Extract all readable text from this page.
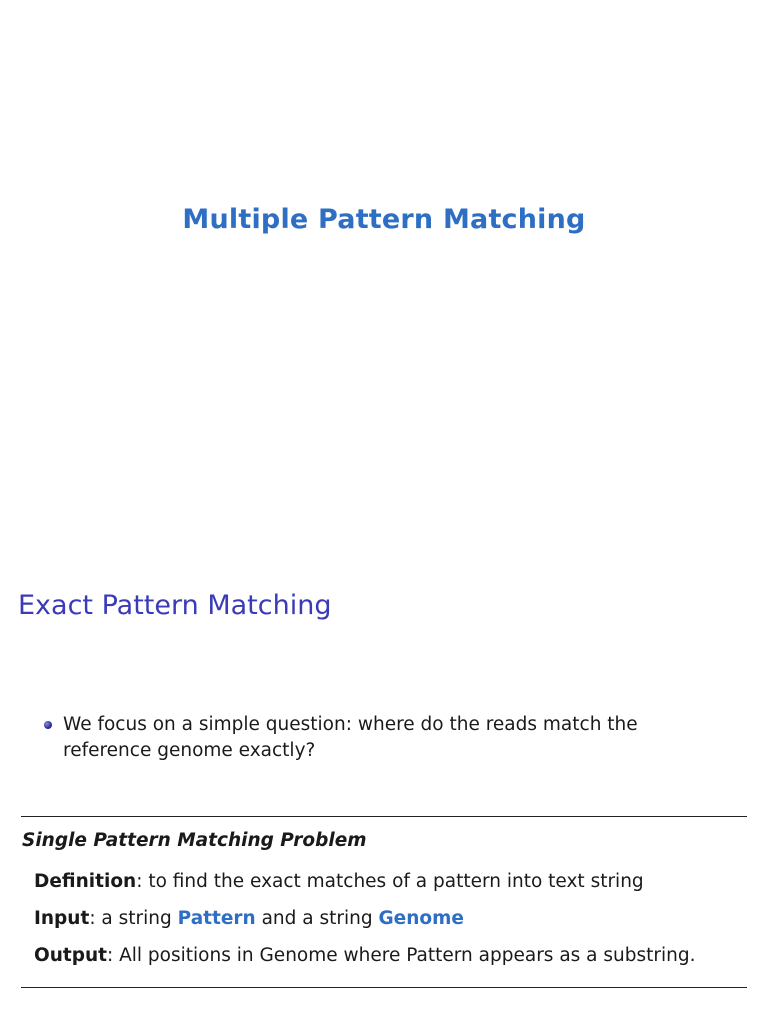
Multiple Pattern Matching
Exact Pattern Matching
We focus on a simple question: where do the reads match the reference genome exactly?
Single Pattern Matching Problem
Definition: to find the exact matches of a pattern into text string
Input: a string Pattern and a string Genome
Output: All positions in Genome where Pattern appears as a substring.
